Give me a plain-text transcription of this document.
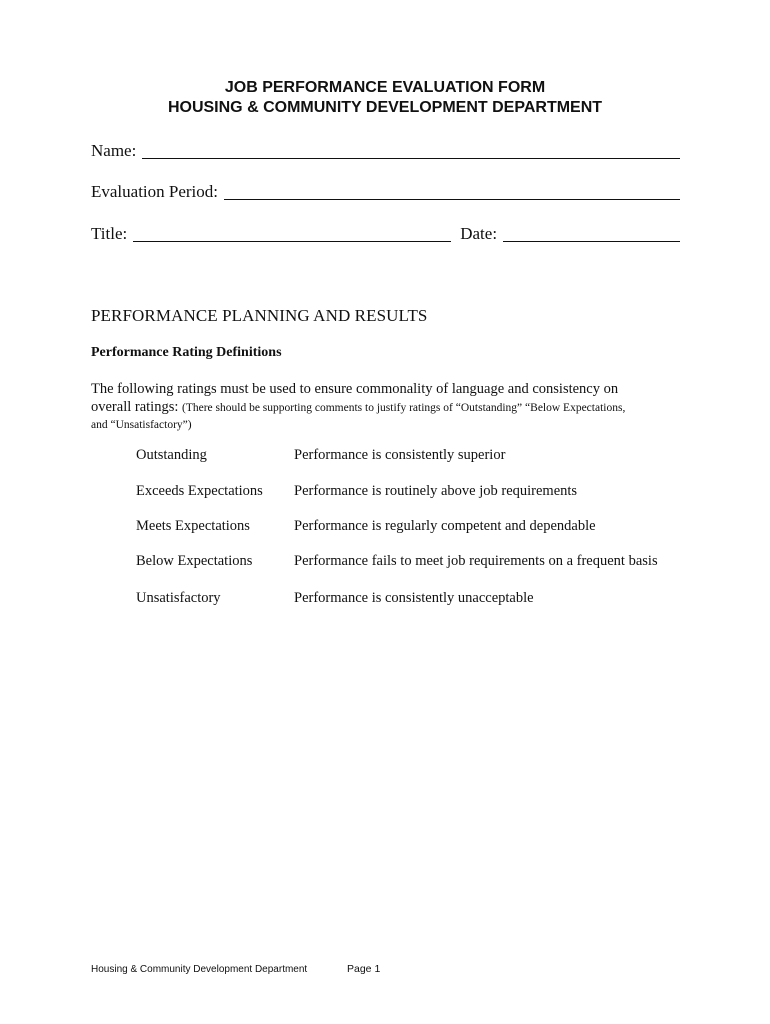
JOB PERFORMANCE EVALUATION FORM
HOUSING & COMMUNITY DEVELOPMENT DEPARTMENT
Name:
Evaluation Period:
Title:	Date:
PERFORMANCE PLANNING AND RESULTS
Performance Rating Definitions
The following ratings must be used to ensure commonality of language and consistency on
overall ratings: (There should be supporting comments to justify ratings of “Outstanding” “Below Expectations,
and “Unsatisfactory”)
Outstanding	Performance is consistently superior
Exceeds Expectations Performance is routinely above job requirements
Meets Expectations	Performance is regularly competent and dependable
Below Expectations	Performance fails to meet job requirements on a frequent basis
Unsatisfactory	Performance is consistently unacceptable
Housing & Community Development Department	Page 1
